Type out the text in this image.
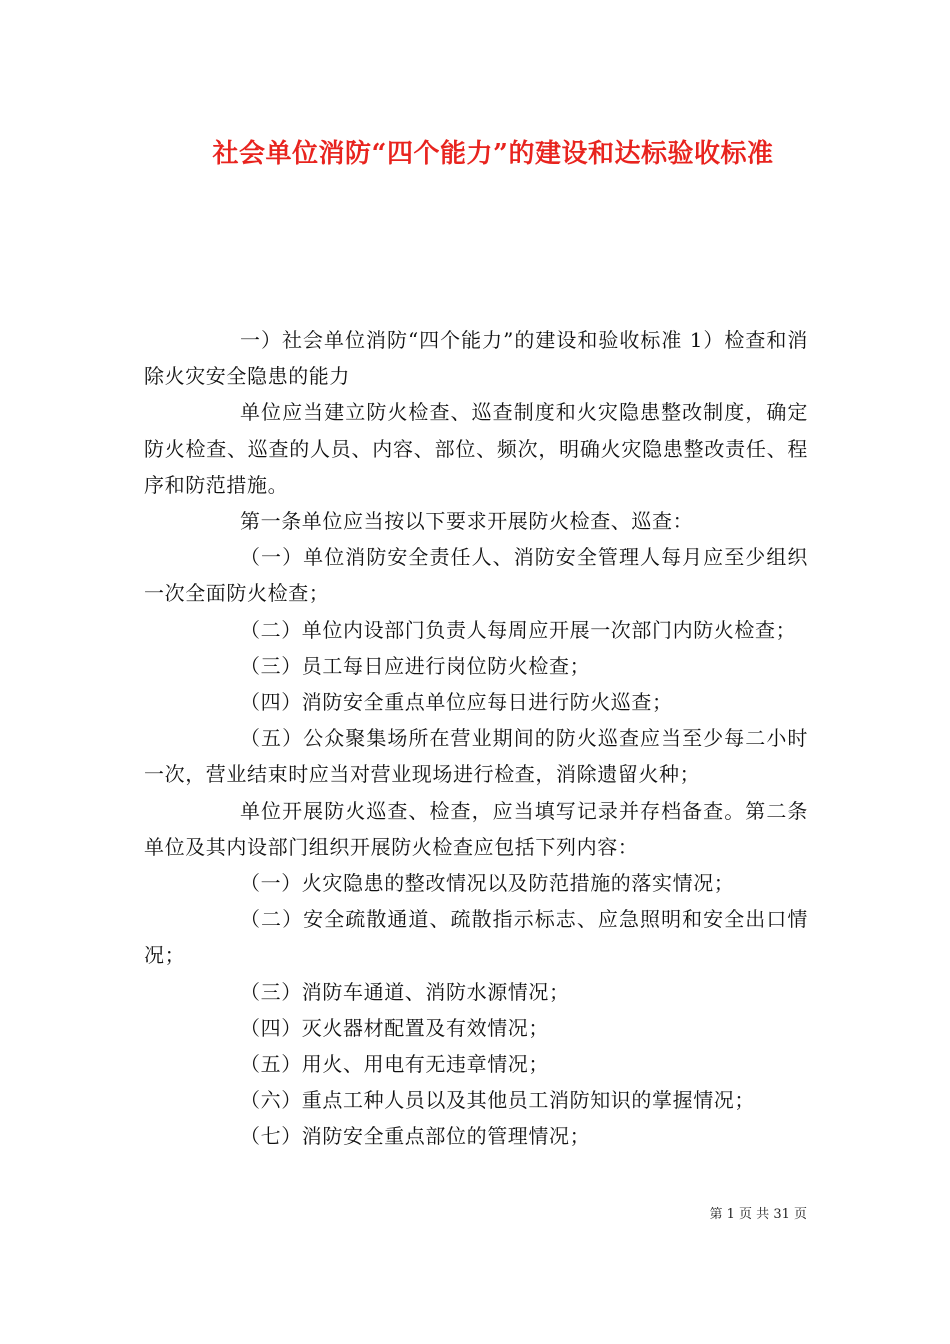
社会单位消防“四个能力”的建设和达标验收标准

一）社会单位消防“四个能力”的建设和验收标准 1）检查和消除火灾安全隐患的能力

单位应当建立防火检查、巡查制度和火灾隐患整改制度，确定防火检查、巡查的人员、内容、部位、频次，明确火灾隐患整改责任、程序和防范措施。

第一条单位应当按以下要求开展防火检查、巡查：

（一）单位消防安全责任人、消防安全管理人每月应至少组织一次全面防火检查；

（二）单位内设部门负责人每周应开展一次部门内防火检查；

（三）员工每日应进行岗位防火检查；

（四）消防安全重点单位应每日进行防火巡查；

（五）公众聚集场所在营业期间的防火巡查应当至少每二小时一次，营业结束时应当对营业现场进行检查，消除遗留火种；

单位开展防火巡查、检查，应当填写记录并存档备查。第二条单位及其内设部门组织开展防火检查应包括下列内容：

（一）火灾隐患的整改情况以及防范措施的落实情况；

（二）安全疏散通道、疏散指示标志、应急照明和安全出口情况；

（三）消防车通道、消防水源情况；

（四）灭火器材配置及有效情况；

（五）用火、用电有无违章情况；

（六）重点工种人员以及其他员工消防知识的掌握情况；

（七）消防安全重点部位的管理情况；

第 1 页 共 31 页
